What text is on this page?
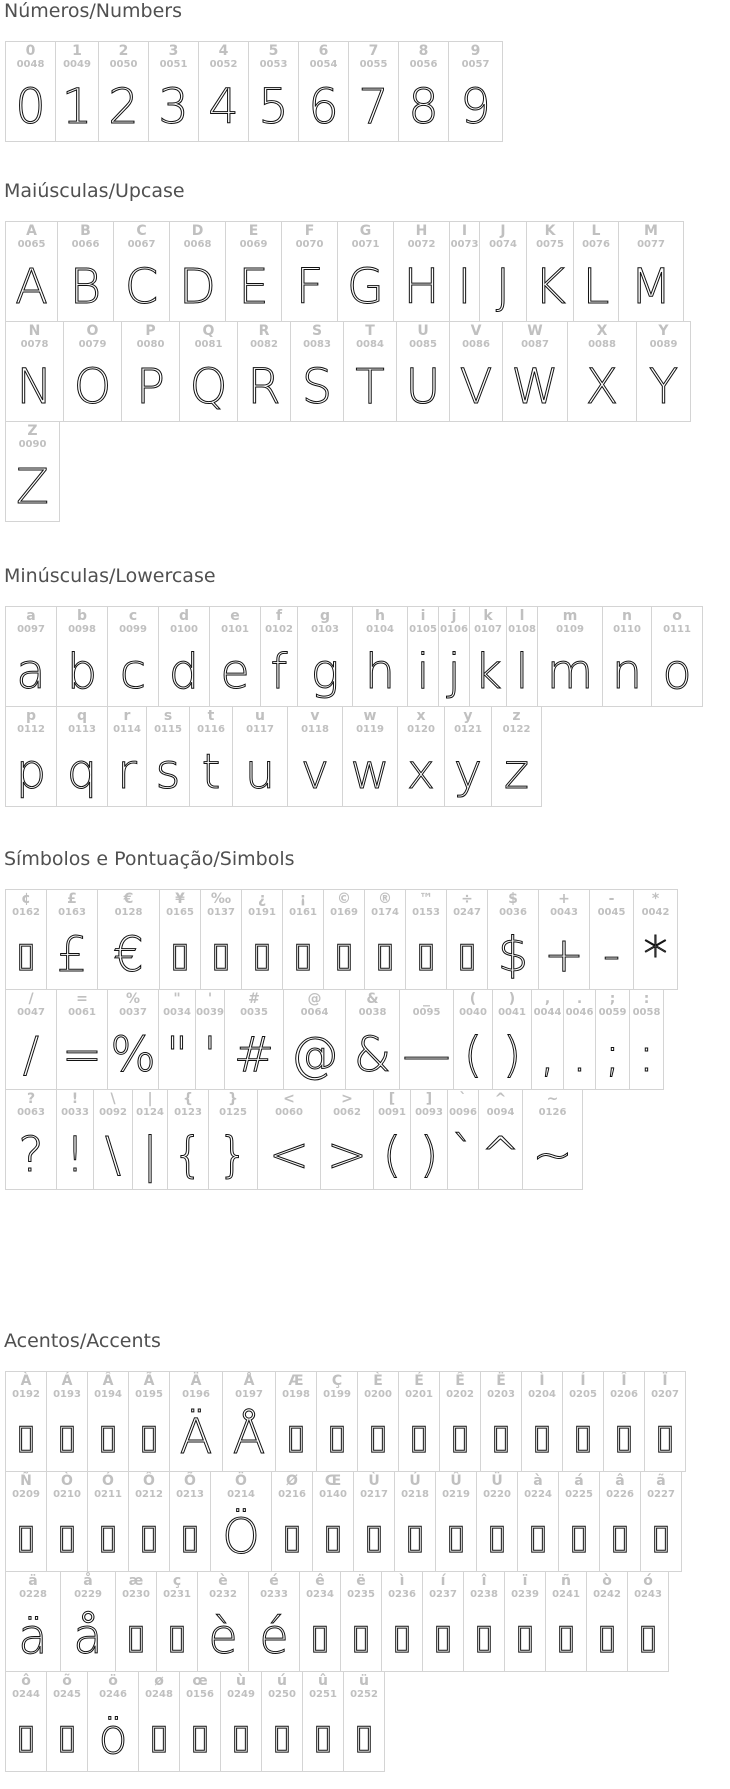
Números/Numbers
0
0048
0
1
0049
1
2
0050
2
3
0051
3
4
0052
4
5
0053
5
6
0054
6
7
0055
7
8
0056
8
9
0057
9
Maiúsculas/Upcase
A
0065
A
B
0066
B
C
0067
C
D
0068
D
E
0069
E
F
0070
F
G
0071
G
H
0072
H
I
0073
I
J
0074
J
K
0075
K
L
0076
L
M
0077
M
N
0078
N
O
0079
O
P
0080
P
Q
0081
Q
R
0082
R
S
0083
S
T
0084
T
U
0085
U
V
0086
V
W
0087
W
X
0088
X
Y
0089
Y
Z
0090
Z
Minúsculas/Lowercase
a
0097
a
b
0098
b
c
0099
c
d
0100
d
e
0101
e
f
0102
f
g
0103
g
h
0104
h
i
0105
i
j
0106
j
k
0107
k
l
0108
l
m
0109
m
n
0110
n
o
0111
o
p
0112
p
q
0113
q
r
0114
r
s
0115
s
t
0116
t
u
0117
u
v
0118
v
w
0119
w
x
0120
x
y
0121
y
z
0122
z
Símbolos e Pontuação/Simbols
¢
0162
▯
£
0163
£
€
0128
€
¥
0165
▯
‰
0137
▯
¿
0191
▯
¡
0161
▯
©
0169
▯
®
0174
▯
™
0153
▯
÷
0247
▯
$
0036
$
+
0043
+
-
0045
-
*
0042
*
/
0047
/
=
0061
=
%
0037
%
"
0034
"
'
0039
'
#
0035
#
@
0064
@
&
0038
&
_
0095
—
(
0040
(
)
0041
)
,
0044
,
.
0046
.
;
0059
;
:
0058
:
?
0063
?
!
0033
!
\
0092
\
|
0124
|
{
0123
{
}
0125
}
<
0060
<
>
0062
>
[
0091
(
]
0093
)
`
0096
`
^
0094
^
~
0126
~
Acentos/Accents
À
0192
▯
Á
0193
▯
Â
0194
▯
Ã
0195
▯
Ä
0196
Ä
Å
0197
Å
Æ
0198
▯
Ç
0199
▯
È
0200
▯
É
0201
▯
Ê
0202
▯
Ë
0203
▯
Ì
0204
▯
Í
0205
▯
Î
0206
▯
Ï
0207
▯
Ñ
0209
▯
Ò
0210
▯
Ó
0211
▯
Ô
0212
▯
Õ
0213
▯
Ö
0214
Ö
Ø
0216
▯
Œ
0140
▯
Ù
0217
▯
Ú
0218
▯
Û
0219
▯
Ü
0220
▯
à
0224
▯
á
0225
▯
â
0226
▯
ã
0227
▯
ä
0228
ä
å
0229
å
æ
0230
▯
ç
0231
▯
è
0232
è
é
0233
é
ê
0234
▯
ë
0235
▯
ì
0236
▯
í
0237
▯
î
0238
▯
ï
0239
▯
ñ
0241
▯
ò
0242
▯
ó
0243
▯
ô
0244
▯
õ
0245
▯
ö
0246
ö
ø
0248
▯
œ
0156
▯
ù
0249
▯
ú
0250
▯
û
0251
▯
ü
0252
▯
